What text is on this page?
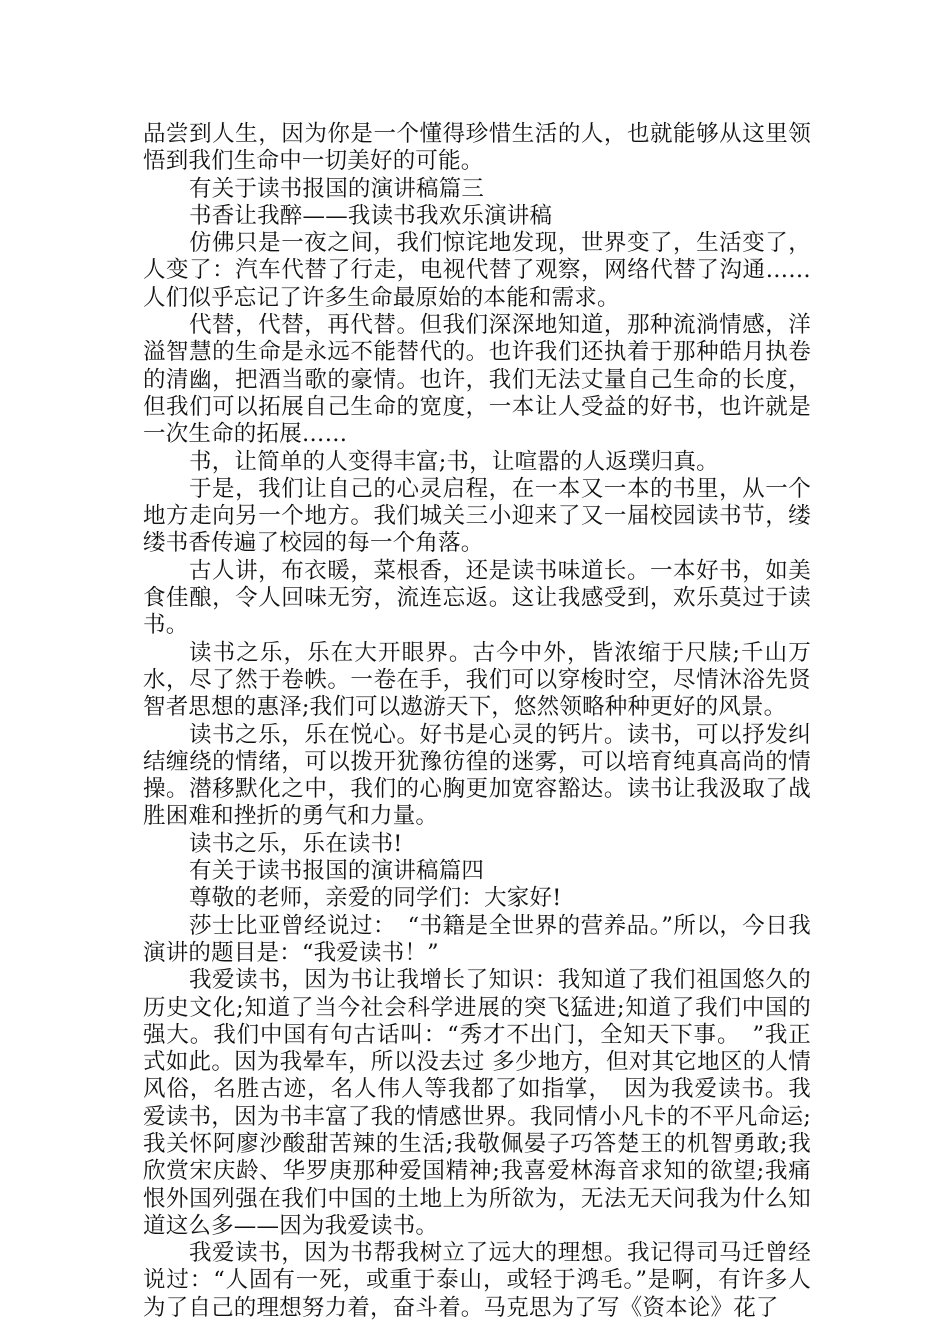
品尝到人生，因为你是一个懂得珍惜生活的人，也就能够从这里领悟到我们生命中一切美好的可能。

有关于读书报国的演讲稿篇三

书香让我醉——我读书我欢乐演讲稿

仿佛只是一夜之间，我们惊诧地发现，世界变了，生活变了，人变了：汽车代替了行走，电视代替了观察，网络代替了沟通……人们似乎忘记了许多生命最原始的本能和需求。

代替，代替，再代替。但我们深深地知道，那种流淌情感，洋溢智慧的生命是永远不能替代的。也许我们还执着于那种皓月执卷的清幽，把酒当歌的豪情。也许，我们无法丈量自己生命的长度，但我们可以拓展自己生命的宽度，一本让人受益的好书，也许就是一次生命的拓展……

书，让简单的人变得丰富;书，让喧嚣的人返璞归真。

于是，我们让自己的心灵启程，在一本又一本的书里，从一个地方走向另一个地方。我们城关三小迎来了又一届校园读书节，缕缕书香传遍了校园的每一个角落。

古人讲，布衣暖，菜根香，还是读书味道长。一本好书，如美食佳酿，令人回味无穷，流连忘返。这让我感受到，欢乐莫过于读书。

读书之乐，乐在大开眼界。古今中外，皆浓缩于尺牍;千山万水，尽了然于卷帙。一卷在手，我们可以穿梭时空，尽情沐浴先贤智者思想的惠泽;我们可以遨游天下，悠然领略种种更好的风景。

读书之乐，乐在悦心。好书是心灵的钙片。读书，可以抒发纠结缠绕的情绪，可以拨开犹豫彷徨的迷雾，可以培育纯真高尚的情操。潜移默化之中，我们的心胸更加宽容豁达。读书让我汲取了战胜困难和挫折的勇气和力量。

读书之乐，乐在读书!

有关于读书报国的演讲稿篇四

尊敬的老师，亲爱的同学们：大家好!

莎士比亚曾经说过：　“书籍是全世界的营养品。”所以，今日我演讲的题目是：“我爱读书！”

我爱读书，因为书让我增长了知识：我知道了我们祖国悠久的历史文化;知道了当今社会科学进展的突飞猛进;知道了我们中国的强大。我们中国有句古话叫：“秀才不出门，全知天下事。　”我正式如此。因为我晕车，所以没去过 多少地方，但对其它地区的人情风俗，名胜古迹，名人伟人等我都了如指掌，　因为我爱读书。我爱读书，因为书丰富了我的情感世界。我同情小凡卡的不平凡命运;我关怀阿廖沙酸甜苦辣的生活;我敬佩晏子巧答楚王的机智勇敢;我欣赏宋庆龄、华罗庚那种爱国精神;我喜爱林海音求知的欲望;我痛恨外国列强在我们中国的土地上为所欲为，无法无天问我为什么知道这么多——因为我爱读书。

我爱读书，因为书帮我树立了远大的理想。我记得司马迁曾经说过：“人固有一死，或重于泰山，或轻于鸿毛。”是啊，有许多人为了自己的理想努力着，奋斗着。马克思为了写《资本论》花了
